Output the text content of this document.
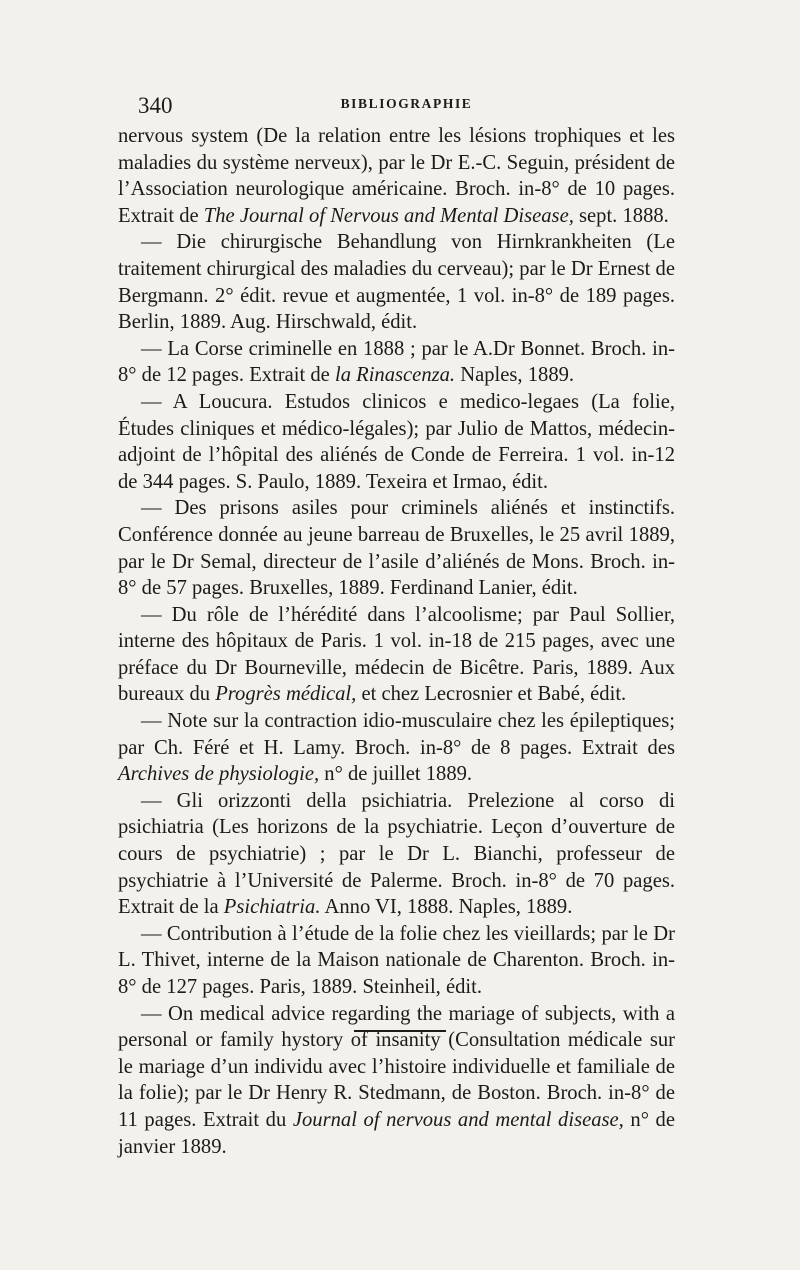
340	BIBLIOGRAPHIE

nervous system (De la relation entre les lésions trophiques et les maladies du système nerveux), par le Dr E.-C. Seguin, président de l’Association neurologique américaine. Broch. in-8° de 10 pages. Extrait de The Journal of Nervous and Mental Disease, sept. 1888.

— Die chirurgische Behandlung von Hirnkrankheiten (Le traitement chirurgical des maladies du cerveau); par le Dr Ernest de Bergmann. 2° édit. revue et augmentée, 1 vol. in-8° de 189 pages. Berlin, 1889. Aug. Hirschwald, édit.

— La Corse criminelle en 1888 ; par le A.Dr Bonnet. Broch. in-8° de 12 pages. Extrait de la Rinascenza. Naples, 1889.

— A Loucura. Estudos clinicos e medico-legaes (La folie, Études cliniques et médico-légales); par Julio de Mattos, médecin-adjoint de l’hôpital des aliénés de Conde de Ferreira. 1 vol. in-12 de 344 pages. S. Paulo, 1889. Texeira et Irmao, édit.

— Des prisons asiles pour criminels aliénés et instinctifs. Conférence donnée au jeune barreau de Bruxelles, le 25 avril 1889, par le Dr Semal, directeur de l’asile d’aliénés de Mons. Broch. in-8° de 57 pages. Bruxelles, 1889. Ferdinand Lanier, édit.

— Du rôle de l’hérédité dans l’alcoolisme; par Paul Sollier, interne des hôpitaux de Paris. 1 vol. in-18 de 215 pages, avec une préface du Dr Bourneville, médecin de Bicêtre. Paris, 1889. Aux bureaux du Progrès médical, et chez Lecrosnier et Babé, édit.

— Note sur la contraction idio-musculaire chez les épileptiques; par Ch. Féré et H. Lamy. Broch. in-8° de 8 pages. Extrait des Archives de physiologie, n° de juillet 1889.

— Gli orizzonti della psichiatria. Prelezione al corso di psichiatria (Les horizons de la psychiatrie. Leçon d’ouverture de cours de psychiatrie) ; par le Dr L. Bianchi, professeur de psychiatrie à l’Université de Palerme. Broch. in-8° de 70 pages. Extrait de la Psichiatria. Anno VI, 1888. Naples, 1889.

— Contribution à l’étude de la folie chez les vieillards; par le Dr L. Thivet, interne de la Maison nationale de Charenton. Broch. in-8° de 127 pages. Paris, 1889. Steinheil, édit.

— On medical advice regarding the mariage of subjects, with a personal or family hystory of insanity (Consultation médicale sur le mariage d’un individu avec l’histoire individuelle et familiale de la folie); par le Dr Henry R. Stedmann, de Boston. Broch. in-8° de 11 pages. Extrait du Journal of nervous and mental disease, n° de janvier 1889.
